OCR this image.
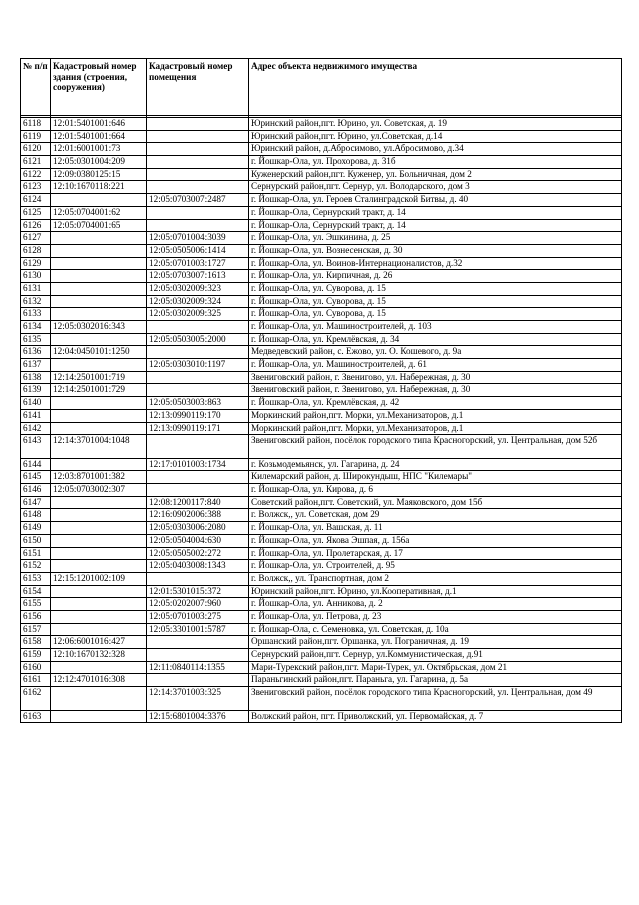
№ п/п	Кадастровый номер здания (строения, сооружения)	Кадастровый номер помещения	Адрес объекта недвижимого имущества

6118	12:01:5401001:646		Юринский район,пгт. Юрино, ул. Советская, д. 19
6119	12:01:5401001:664		Юринский район,пгт. Юрино, ул.Советская, д.14
6120	12:01:6001001:73		Юринский район, д.Абросимово, ул.Абросимово, д.34
6121	12:05:0301004:209		г. Йошкар-Ола, ул. Прохорова, д. 31б
6122	12:09:0380125:15		Куженерский район,пгт. Куженер, ул. Больничная, дом 2
6123	12:10:1670118:221		Сернурский район,пгт. Сернур, ул. Володарского, дом 3
6124		12:05:0703007:2487	г. Йошкар-Ола, ул. Героев Сталинградской Битвы, д. 40
6125	12:05:0704001:62		г. Йошкар-Ола, Сернурский тракт, д. 14
6126	12:05:0704001:65		г. Йошкар-Ола, Сернурский тракт, д. 14
6127		12:05:0701004:3039	г. Йошкар-Ола, ул. Эшкинина, д. 25
6128		12:05:0505006:1414	г. Йошкар-Ола, ул. Вознесенская, д. 30
6129		12:05:0701003:1727	г. Йошкар-Ола, ул. Воинов-Интернационалистов, д.32
6130		12:05:0703007:1613	г. Йошкар-Ола, ул. Кирпичная, д. 26
6131		12:05:0302009:323	г. Йошкар-Ола, ул. Суворова, д. 15
6132		12:05:0302009:324	г. Йошкар-Ола, ул. Суворова, д. 15
6133		12:05:0302009:325	г. Йошкар-Ола, ул. Суворова, д. 15
6134	12:05:0302016:343		г. Йошкар-Ола, ул. Машиностроителей, д. 103
6135		12:05:0503005:2000	г. Йошкар-Ола, ул. Кремлёвская, д. 34
6136	12:04:0450101:1250		Медведевский район, с. Ежово, ул. О. Кошевого, д. 9а
6137		12:05:0303010:1197	г. Йошкар-Ола, ул. Машиностроителей, д. 61
6138	12:14:2501001:719		Звениговский район, г. Звенигово, ул. Набережная, д. 30
6139	12:14:2501001:729		Звениговский район, г. Звенигово, ул. Набережная, д. 30
6140		12:05:0503003:863	г. Йошкар-Ола, ул. Кремлёвская, д. 42
6141		12:13:0990119:170	Моркинский район,пгт. Морки, ул.Механизаторов, д.1
6142		12:13:0990119:171	Моркинский район,пгт. Морки, ул.Механизаторов, д.1
6143	12:14:3701004:1048		Звениговский район, посёлок городского типа Красногорский, ул. Центральная, дом 52б
6144		12:17:0101003:1734	г. Козьмодемьянск, ул. Гагарина, д. 24
6145	12:03:8701001:382		Килемарский район, д. Широкундыш, НПС "Килемары"
6146	12:05:0703002:307		г. Йошкар-Ола, ул. Кирова, д. 6
6147		12:08:1200117:840	Советский район,пгт. Советский, ул. Маяковского, дом 15б
6148		12:16:0902006:388	г. Волжск,, ул. Советская, дом 29
6149		12:05:0303006:2080	г. Йошкар-Ола, ул. Вашская, д. 11
6150		12:05:0504004:630	г. Йошкар-Ола, ул. Якова Эшпая, д. 156а
6151		12:05:0505002:272	г. Йошкар-Ола, ул. Пролетарская, д. 17
6152		12:05:0403008:1343	г. Йошкар-Ола, ул. Строителей, д. 95
6153	12:15:1201002:109		г. Волжск,, ул. Транспортная, дом 2
6154		12:01:5301015:372	Юринский район,пгт. Юрино, ул.Кооперативная, д.1
6155		12:05:0202007:960	г. Йошкар-Ола, ул. Анникова, д. 2
6156		12:05:0701003:275	г. Йошкар-Ола, ул. Петрова, д. 23
6157		12:05:3301001:5787	г. Йошкар-Ола, с. Семеновка, ул. Советская, д. 10а
6158	12:06:6001016:427		Оршанский район,пгт. Оршанка, ул. Пограничная, д. 19
6159	12:10:1670132:328		Сернурский район,пгт. Сернур, ул.Коммунистическая, д.91
6160		12:11:0840114:1355	Мари-Турекский район,пгт. Мари-Турек, ул. Октябрьская, дом 21
6161	12:12:4701016:308		Параньгинский район,пгт. Параньга, ул. Гагарина, д. 5а
6162		12:14:3701003:325	Звениговский район, посёлок городского типа Красногорский, ул. Центральная, дом 49
6163		12:15:6801004:3376	Волжский район, пгт. Приволжский, ул. Первомайская, д. 7
